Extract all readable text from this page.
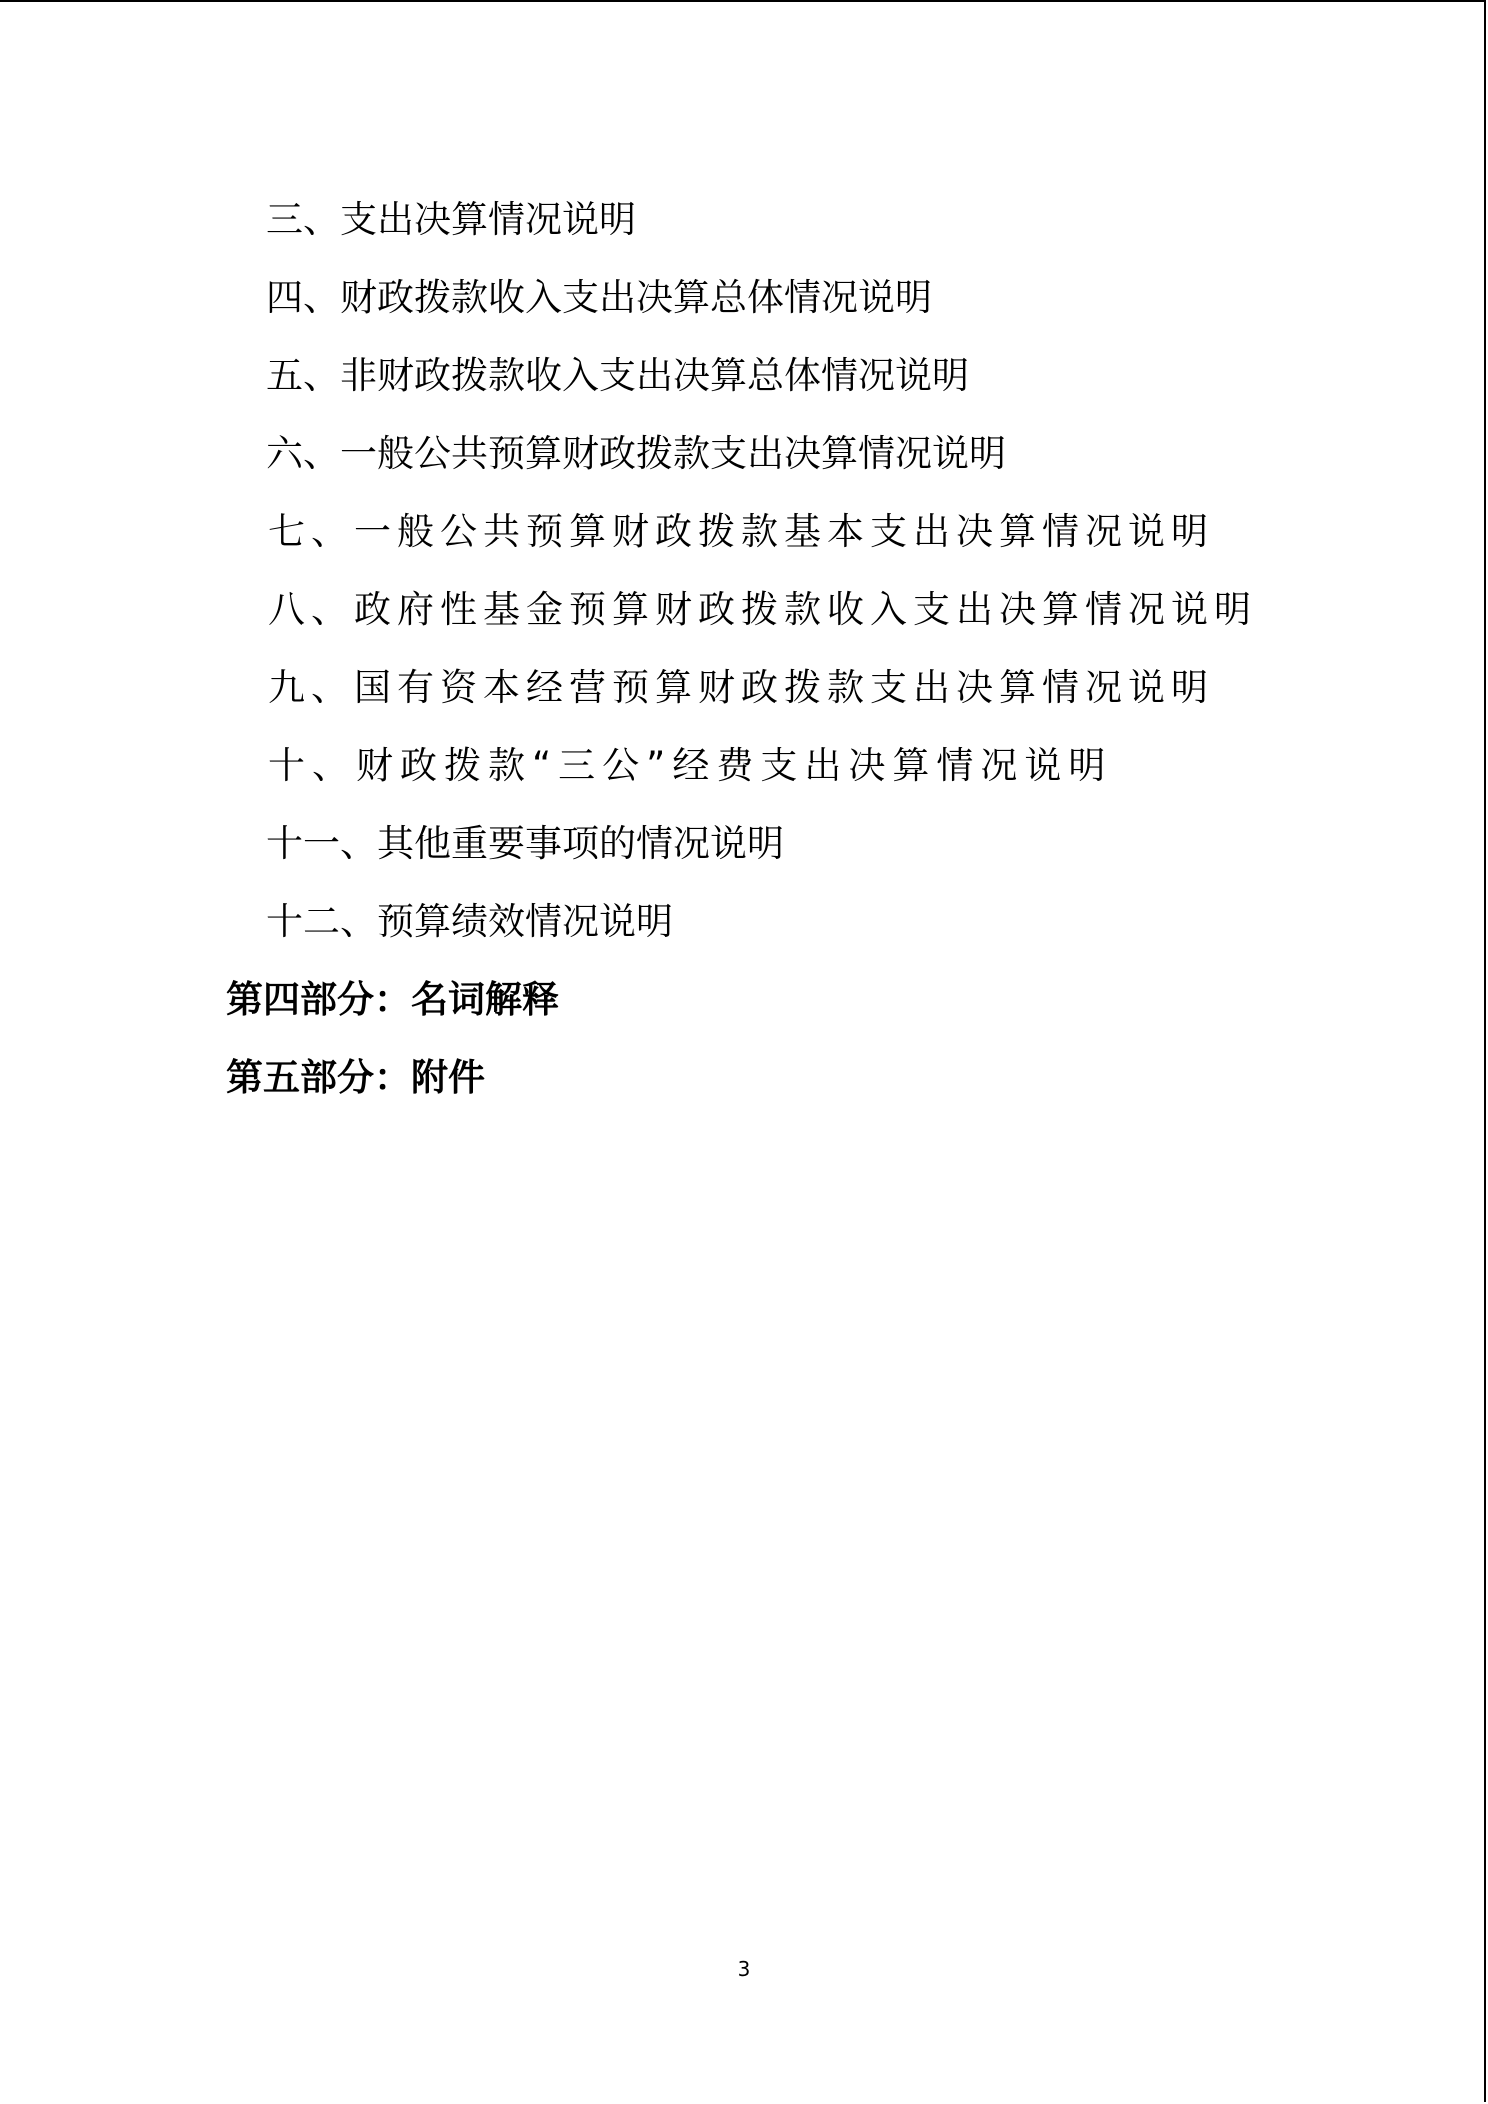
三、支出决算情况说明
四、财政拨款收入支出决算总体情况说明
五、非财政拨款收入支出决算总体情况说明
六、一般公共预算财政拨款支出决算情况说明
七、一般公共预算财政拨款基本支出决算情况说明
八、政府性基金预算财政拨款收入支出决算情况说明
九、国有资本经营预算财政拨款支出决算情况说明
十、财政拨款“三公”经费支出决算情况说明
十一、其他重要事项的情况说明
十二、预算绩效情况说明
第四部分：名词解释
第五部分：附件
3
